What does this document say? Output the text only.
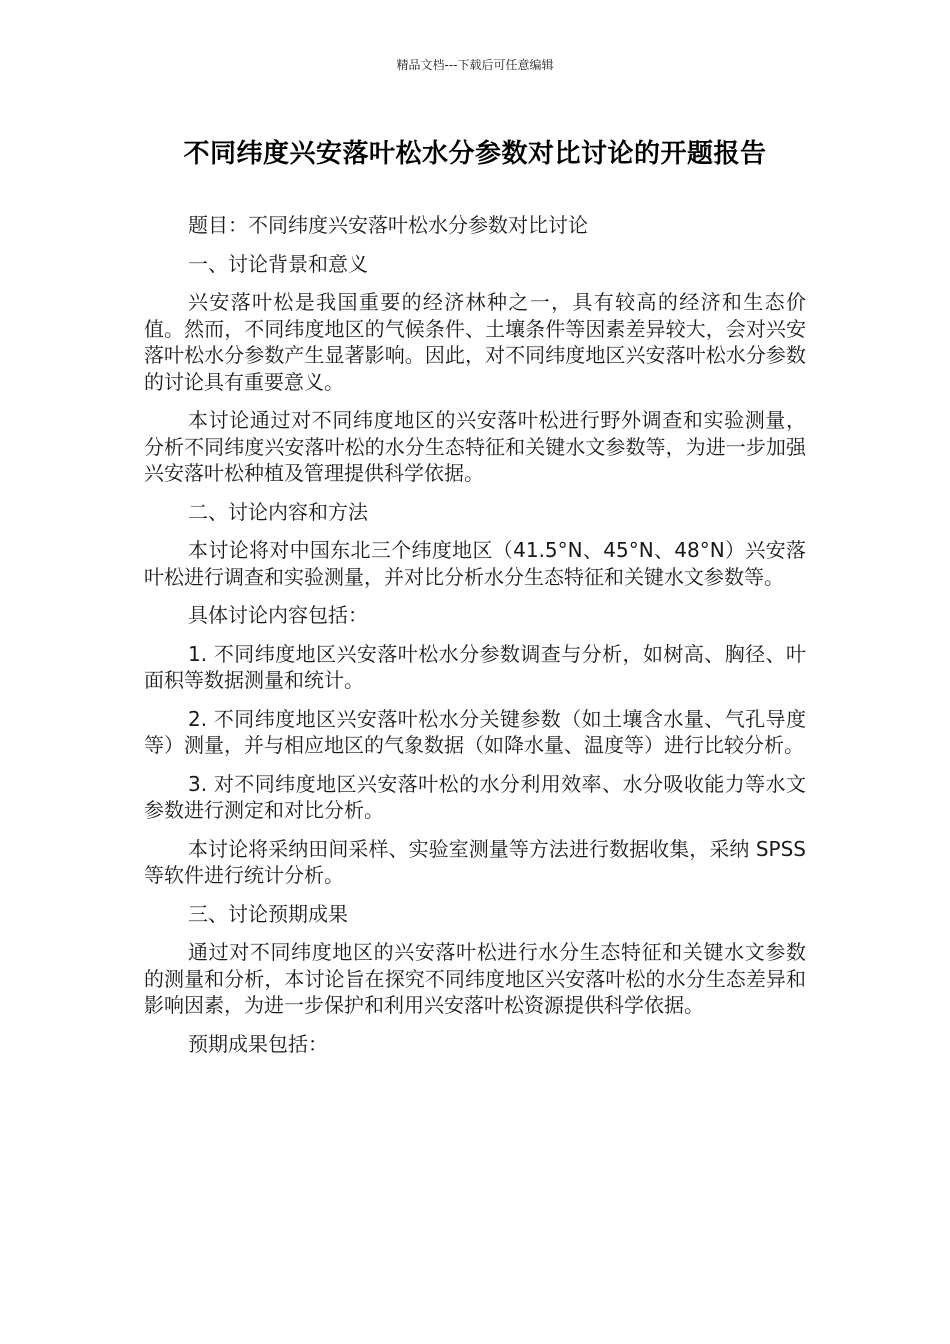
精品文档---下载后可任意编辑
不同纬度兴安落叶松水分参数对比讨论的开题报告

题目：不同纬度兴安落叶松水分参数对比讨论

一、讨论背景和意义

兴安落叶松是我国重要的经济林种之一，具有较高的经济和生态价值。然而，不同纬度地区的气候条件、土壤条件等因素差异较大，会对兴安落叶松水分参数产生显著影响。因此，对不同纬度地区兴安落叶松水分参数的讨论具有重要意义。

本讨论通过对不同纬度地区的兴安落叶松进行野外调查和实验测量，分析不同纬度兴安落叶松的水分生态特征和关键水文参数等，为进一步加强兴安落叶松种植及管理提供科学依据。

二、讨论内容和方法

本讨论将对中国东北三个纬度地区（41.5°N、45°N、48°N）兴安落叶松进行调查和实验测量，并对比分析水分生态特征和关键水文参数等。

具体讨论内容包括：

1. 不同纬度地区兴安落叶松水分参数调查与分析，如树高、胸径、叶面积等数据测量和统计。

2. 不同纬度地区兴安落叶松水分关键参数（如土壤含水量、气孔导度等）测量，并与相应地区的气象数据（如降水量、温度等）进行比较分析。

3. 对不同纬度地区兴安落叶松的水分利用效率、水分吸收能力等水文参数进行测定和对比分析。

本讨论将采纳田间采样、实验室测量等方法进行数据收集，采纳 SPSS 等软件进行统计分析。

三、讨论预期成果

通过对不同纬度地区的兴安落叶松进行水分生态特征和关键水文参数的测量和分析，本讨论旨在探究不同纬度地区兴安落叶松的水分生态差异和影响因素，为进一步保护和利用兴安落叶松资源提供科学依据。

预期成果包括：
